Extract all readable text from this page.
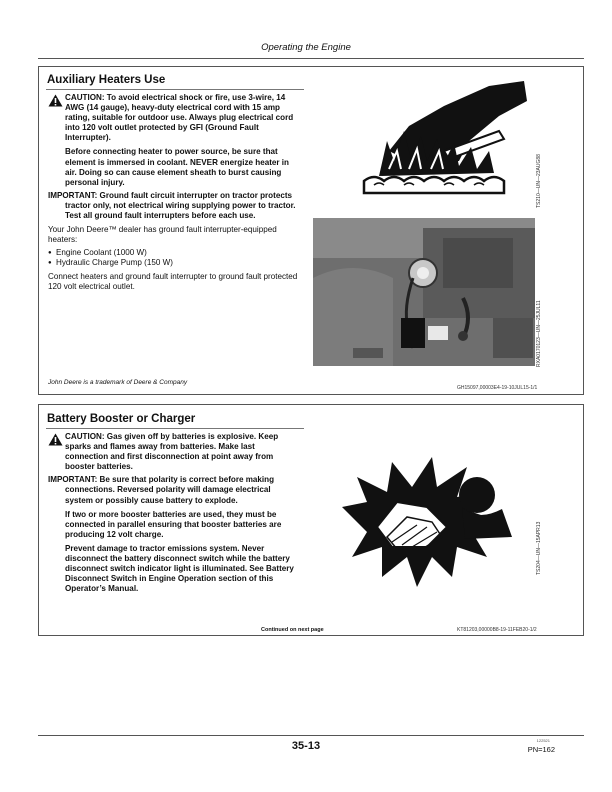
Operating the Engine
Auxiliary Heaters Use
CAUTION: To avoid electrical shock or fire, use 3-wire, 14 AWG (14 gauge), heavy-duty electrical cord with 15 amp rating, suitable for outdoor use. Always plug electrical cord into 120 volt outlet protected by GFI (Ground Fault Interrupter).
Before connecting heater to power source, be sure that element is immersed in coolant. NEVER energize heater in air. Doing so can cause element sheath to burst causing personal injury.
IMPORTANT: Ground fault circuit interrupter on tractor protects tractor only, not electrical wiring supplying power to tractor. Test all ground fault interrupters before each use.
Your John Deere™ dealer has ground fault interrupter-equipped heaters:
● Engine Coolant (1000 W)
● Hydraulic Charge Pump (150 W)
Connect heaters and ground fault interrupter to ground fault protected 120 volt electrical outlet.
TS210—UN—23AUG88
RXA0170123—UN—25JUL11
John Deere is a trademark of Deere & Company
GH15097,00003E4-19-10JUL15-1/1
Battery Booster or Charger
CAUTION: Gas given off by batteries is explosive. Keep sparks and flames away from batteries. Make last connection and first disconnection at point away from booster batteries.
IMPORTANT: Be sure that polarity is correct before making connections. Reversed polarity will damage electrical system or possibly cause battery to explode.
If two or more booster batteries are used, they must be connected in parallel ensuring that booster batteries are producing 12 volt charge.
Prevent damage to tractor emissions system. Never disconnect the battery disconnect switch while the battery disconnect switch indicator light is illuminated. See Battery Disconnect Switch in Engine Operation section of this Operator’s Manual.
TS204—UN—15APR13
Continued on next page	KT81203,00000B8-19-11FEB20-1/2
35-13	122521
PN=162
